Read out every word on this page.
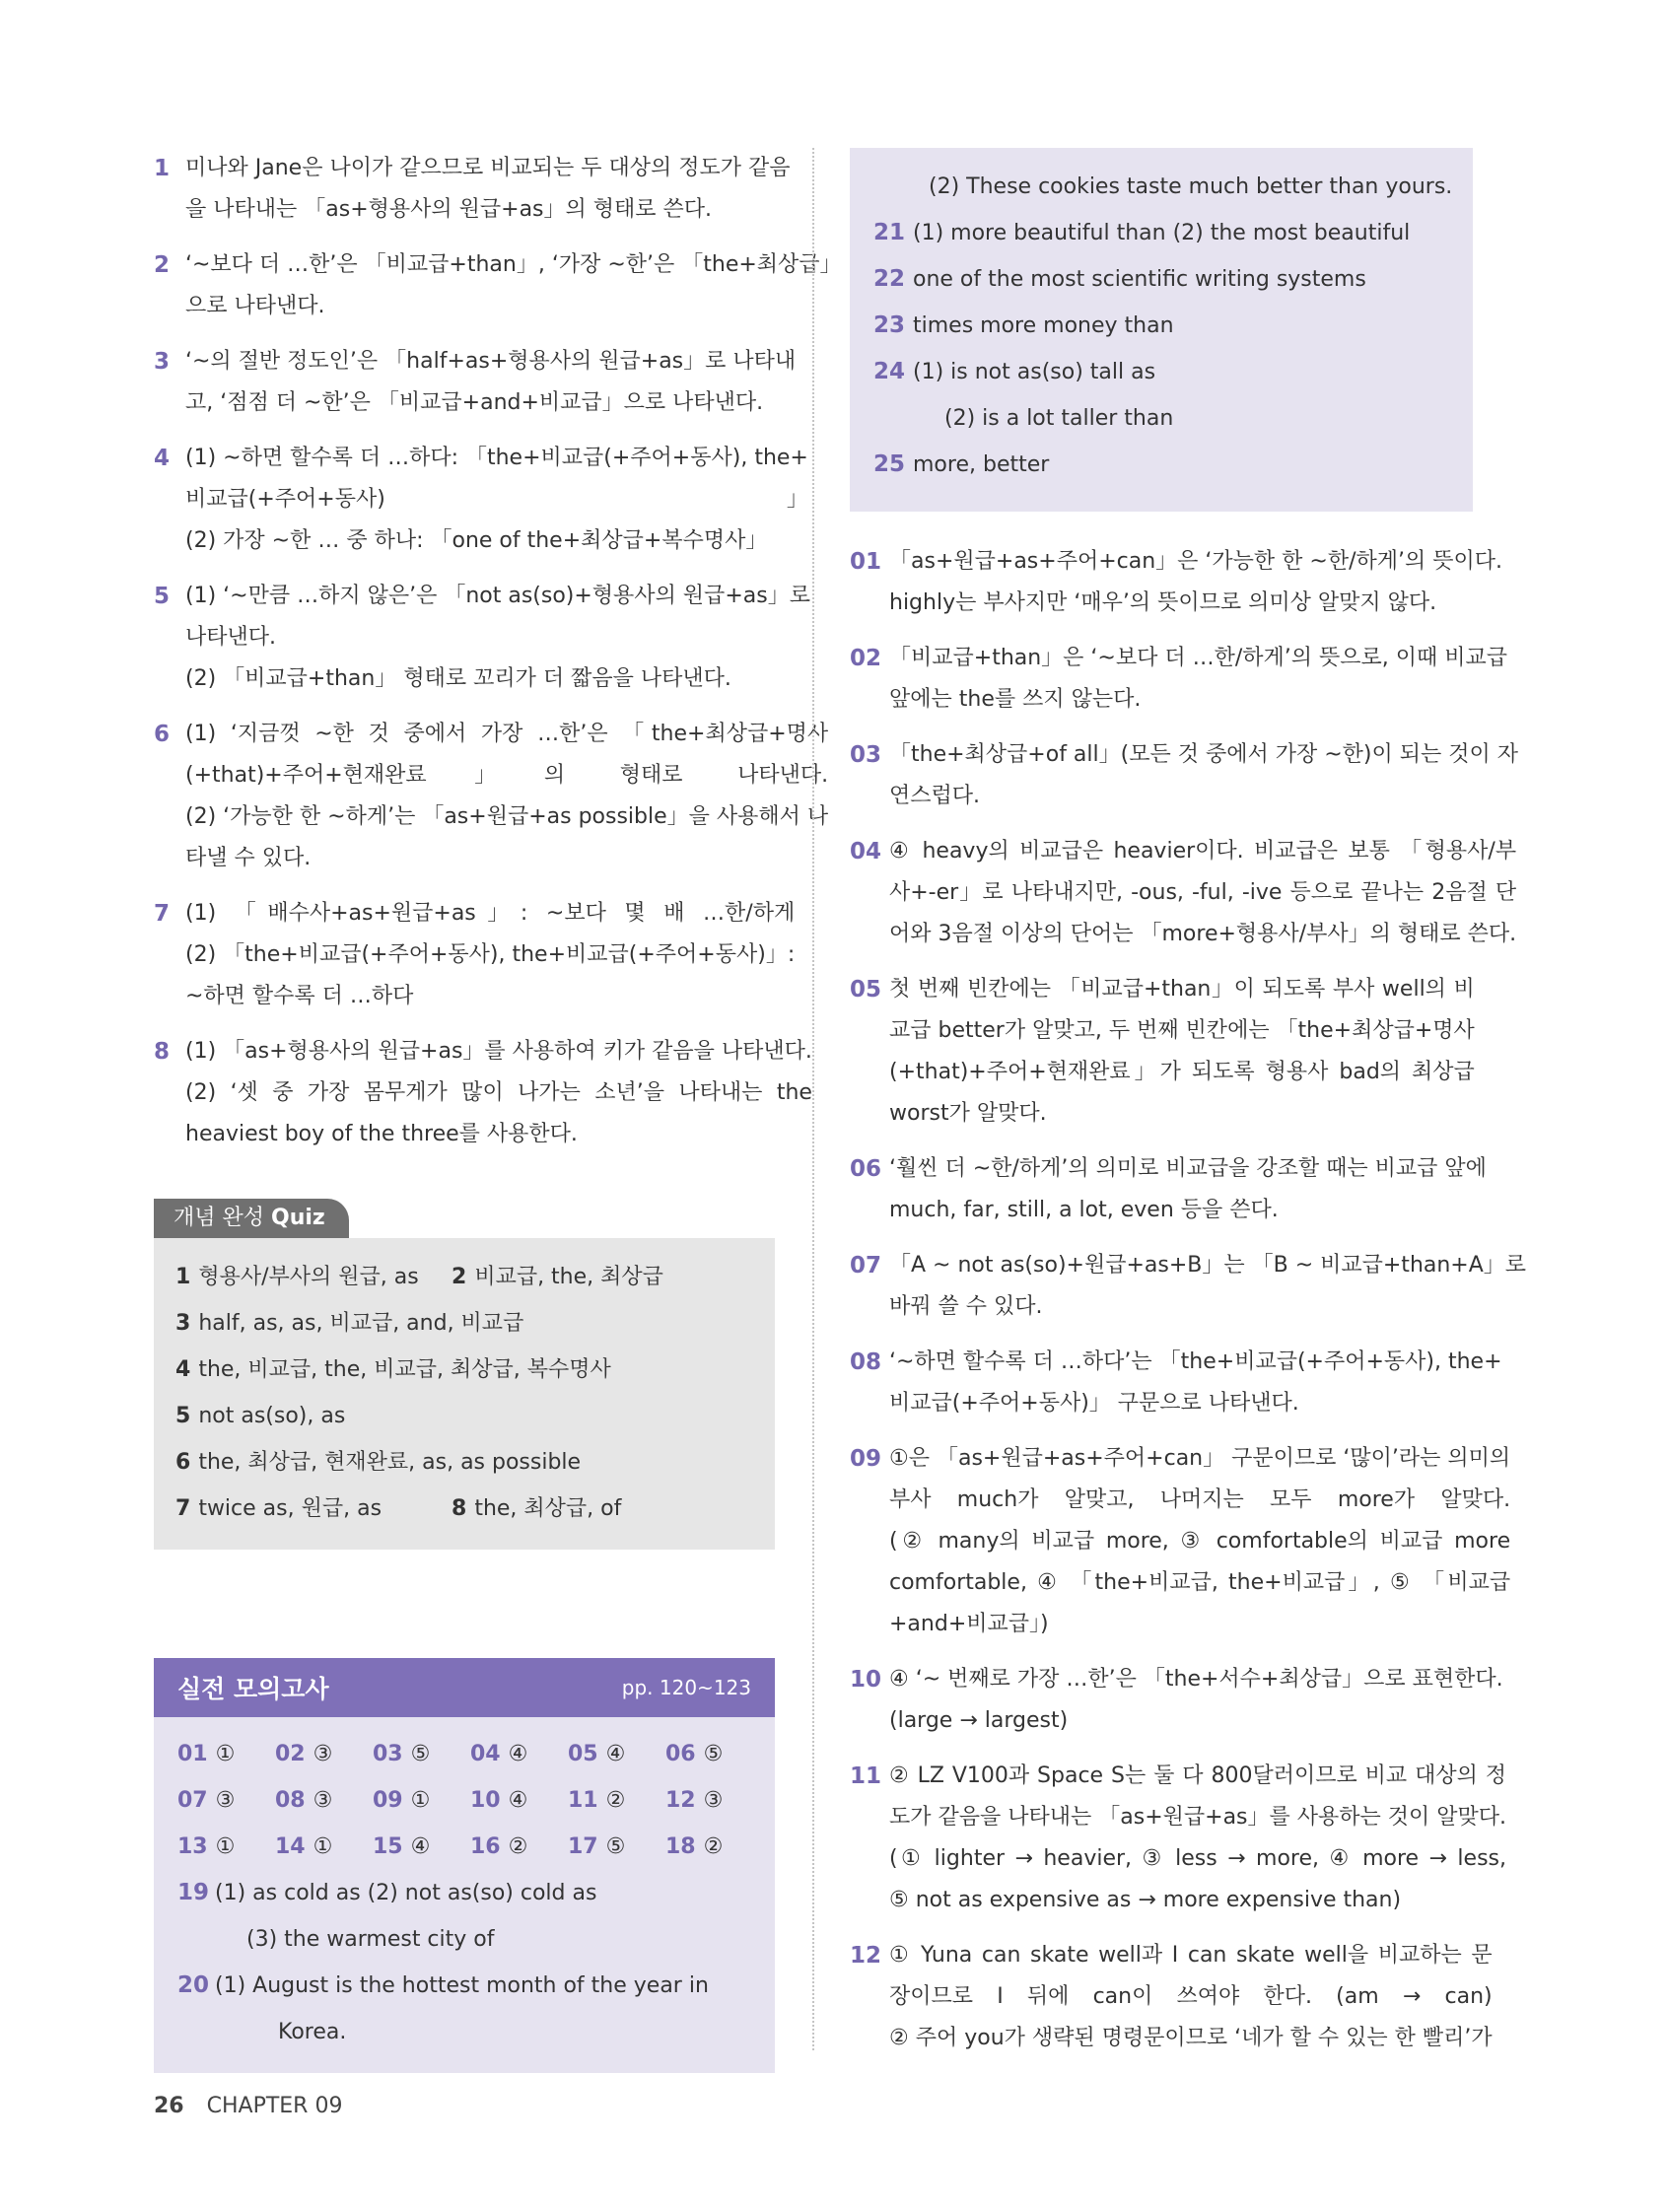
1 미나와 Jane은 나이가 같으므로 비교되는 두 대상의 정도가 같음
을 나타내는 「as+형용사의 원급+as」의 형태로 쓴다.
2 ‘~보다 더 …한’은 「비교급+than」, ‘가장 ~한’은 「the+최상급」
으로 나타낸다.
3 ‘~의 절반 정도인’은 「half+as+형용사의 원급+as」로 나타내
고, ‘점점 더 ~한’은 「비교급+and+비교급」으로 나타낸다.
4 (1) ~하면 할수록 더 …하다: 「the+비교급(+주어+동사), the+
비교급(+주어+동사)」
(2) 가장 ~한 … 중 하나: 「one of the+최상급+복수명사」
5 (1) ‘~만큼 …하지 않은’은 「not as(so)+형용사의 원급+as」로
나타낸다.
(2) 「비교급+than」 형태로 꼬리가 더 짧음을 나타낸다.
6 (1) ‘지금껏 ~한 것 중에서 가장 …한’은 「the+최상급+명사
(+that)+주어+현재완료」의 형태로 나타낸다.
(2) ‘가능한 한 ~하게’는 「as+원급+as possible」을 사용해서 나
타낼 수 있다.
7 (1) 「배수사+as+원급+as」: ~보다 몇 배 …한/하게
(2) 「the+비교급(+주어+동사), the+비교급(+주어+동사)」:
~하면 할수록 더 …하다
8 (1) 「as+형용사의 원급+as」를 사용하여 키가 같음을 나타낸다.
(2) ‘셋 중 가장 몸무게가 많이 나가는 소년’을 나타내는 the
heaviest boy of the three를 사용한다.
개념 완성 Quiz
1 형용사/부사의 원급, as	2 비교급, the, 최상급
3 half, as, as, 비교급, and, 비교급
4 the, 비교급, the, 비교급, 최상급, 복수명사
5 not as(so), as
6 the, 최상급, 현재완료, as, as possible
7 twice as, 원급, as	8 the, 최상급, of
실전 모의고사	pp. 120~123
01 ①	02 ③	03 ⑤	04 ④	05 ④	06 ⑤
07 ③	08 ③	09 ①	10 ④	11 ②	12 ③
13 ①	14 ①	15 ④	16 ②	17 ⑤	18 ②
19 (1) as cold as (2) not as(so) cold as
(3) the warmest city of
20 (1) August is the hottest month of the year in
Korea.
(2) These cookies taste much better than yours.
21 (1) more beautiful than (2) the most beautiful
22 one of the most scientific writing systems
23 times more money than
24 (1) is not as(so) tall as
(2) is a lot taller than
25 more, better
01 「as+원급+as+주어+can」은 ‘가능한 한 ~한/하게’의 뜻이다.
highly는 부사지만 ‘매우’의 뜻이므로 의미상 알맞지 않다.
02 「비교급+than」은 ‘~보다 더 …한/하게’의 뜻으로, 이때 비교급
앞에는 the를 쓰지 않는다.
03 「the+최상급+of all」(모든 것 중에서 가장 ~한)이 되는 것이 자
연스럽다.
04 ④ heavy의 비교급은 heavier이다. 비교급은 보통 「형용사/부
사+-er」로 나타내지만, -ous, -ful, -ive 등으로 끝나는 2음절 단
어와 3음절 이상의 단어는 「more+형용사/부사」의 형태로 쓴다.
05 첫 번째 빈칸에는 「비교급+than」이 되도록 부사 well의 비
교급 better가 알맞고, 두 번째 빈칸에는 「the+최상급+명사
(+that)+주어+현재완료」가 되도록 형용사 bad의 최상급
worst가 알맞다.
06 ‘훨씬 더 ~한/하게’의 의미로 비교급을 강조할 때는 비교급 앞에
much, far, still, a lot, even 등을 쓴다.
07 「A ~ not as(so)+원급+as+B」는 「B ~ 비교급+than+A」로
바꿔 쓸 수 있다.
08 ‘~하면 할수록 더 …하다’는 「the+비교급(+주어+동사), the+
비교급(+주어+동사)」 구문으로 나타낸다.
09 ①은 「as+원급+as+주어+can」 구문이므로 ‘많이’라는 의미의
부사 much가 알맞고, 나머지는 모두 more가 알맞다.
(② many의 비교급 more, ③ comfortable의 비교급 more
comfortable, ④ 「the+비교급, the+비교급」, ⑤ 「비교급
+and+비교급」)
10 ④ ‘~ 번째로 가장 …한’은 「the+서수+최상급」으로 표현한다.
(large → largest)
11 ② LZ V100과 Space S는 둘 다 800달러이므로 비교 대상의 정
도가 같음을 나타내는 「as+원급+as」를 사용하는 것이 알맞다.
(① lighter → heavier, ③ less → more, ④ more → less,
⑤ not as expensive as → more expensive than)
12 ① Yuna can skate well과 I can skate well을 비교하는 문
장이므로 I 뒤에 can이 쓰여야 한다. (am → can)
② 주어 you가 생략된 명령문이므로 ‘네가 할 수 있는 한 빨리’가
26 CHAPTER 09
